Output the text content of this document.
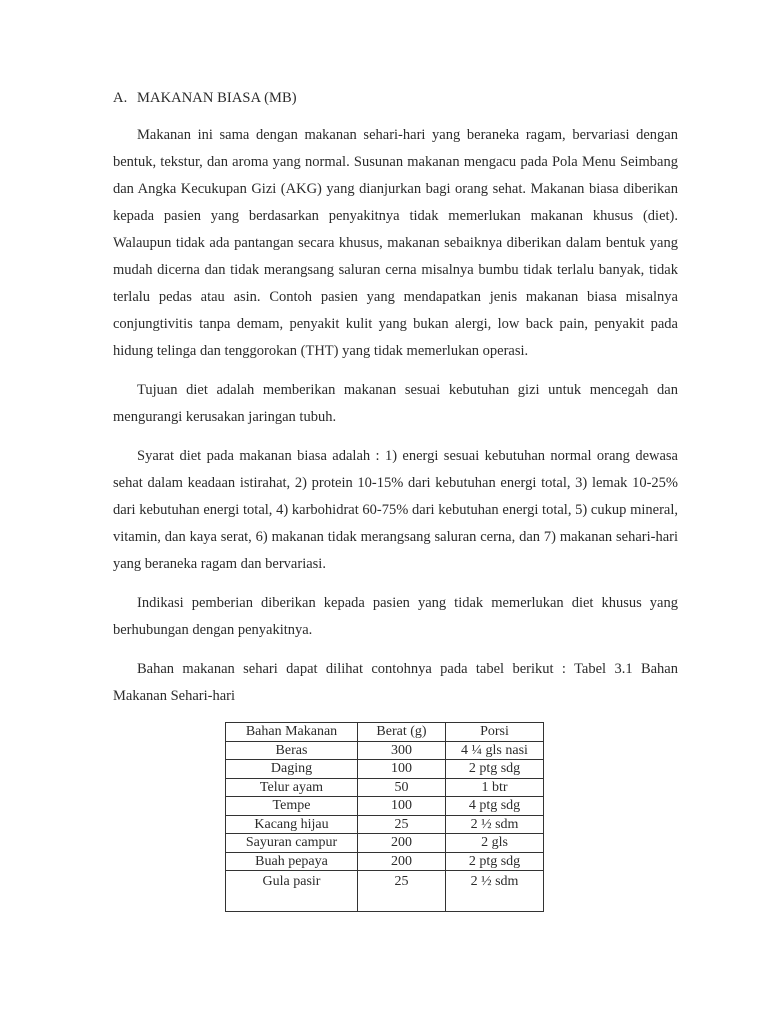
A. MAKANAN BIASA (MB)

Makanan ini sama dengan makanan sehari-hari yang beraneka ragam, bervariasi dengan bentuk, tekstur, dan aroma yang normal. Susunan makanan mengacu pada Pola Menu Seimbang dan Angka Kecukupan Gizi (AKG) yang dianjurkan bagi orang sehat. Makanan biasa diberikan kepada pasien yang berdasarkan penyakitnya tidak memerlukan makanan khusus (diet). Walaupun tidak ada pantangan secara khusus, makanan sebaiknya diberikan dalam bentuk yang mudah dicerna dan tidak merangsang saluran cerna misalnya bumbu tidak terlalu banyak, tidak terlalu pedas atau asin. Contoh pasien yang mendapatkan jenis makanan biasa misalnya conjungtivitis tanpa demam, penyakit kulit yang bukan alergi, low back pain, penyakit pada hidung telinga dan tenggorokan (THT) yang tidak memerlukan operasi.

Tujuan diet adalah memberikan makanan sesuai kebutuhan gizi untuk mencegah dan mengurangi kerusakan jaringan tubuh.

Syarat diet pada makanan biasa adalah : 1) energi sesuai kebutuhan normal orang dewasa sehat dalam keadaan istirahat, 2) protein 10-15% dari kebutuhan energi total, 3) lemak 10-25% dari kebutuhan energi total, 4) karbohidrat 60-75% dari kebutuhan energi total, 5) cukup mineral, vitamin, dan kaya serat, 6) makanan tidak merangsang saluran cerna, dan 7) makanan sehari-hari yang beraneka ragam dan bervariasi.

Indikasi pemberian diberikan kepada pasien yang tidak memerlukan diet khusus yang berhubungan dengan penyakitnya.

Bahan makanan sehari dapat dilihat contohnya pada tabel berikut : Tabel 3.1 Bahan Makanan Sehari-hari

Bahan Makanan	Berat (g)	Porsi
Beras	300	4 ¼ gls nasi
Daging	100	2 ptg sdg
Telur ayam	50	1 btr
Tempe	100	4 ptg sdg
Kacang hijau	25	2 ½ sdm
Sayuran campur	200	2 gls
Buah pepaya	200	2 ptg sdg
Gula pasir	25	2 ½ sdm
